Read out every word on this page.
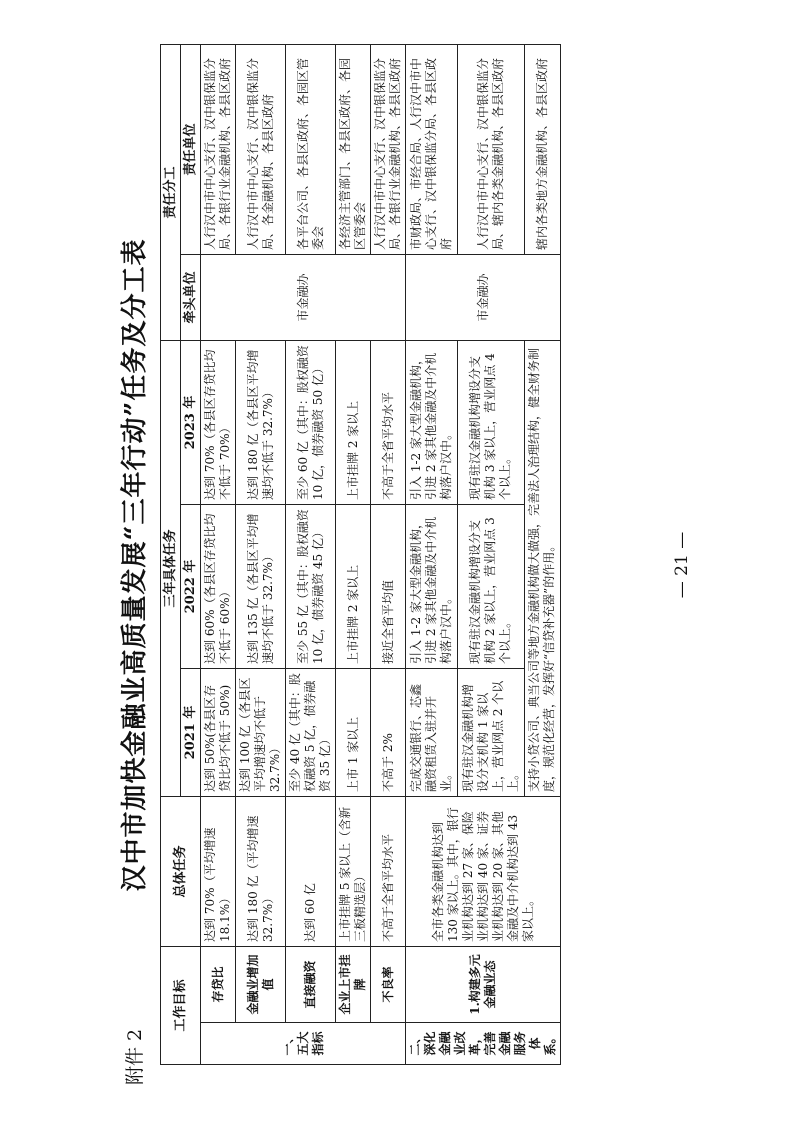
附件 2
汉中市加快金融业高质量发展“三年行动”任务及分工表
工作目标		总体任务	三年具体任务			责任分工	
			2021 年	2022 年	2023 年	牵头单位	责任单位
一、五大指标	存贷比	达到 70%（平均增速 18.1%）	达到 50%(各县区存贷比均不低于 50%)	达到 60%（各县区存贷比均不低于 60%）	达到 70%（各县区存贷比均不低于 70%）	市金融办	人行汉中市中心支行、汉中银保监分局、各银行业金融机构、各县区政府
	金融业增加值	达到 180 亿（平均增速 32.7%）	达到 100 亿（各县区平均增速均不低于 32.7%）	达到 135 亿（各县区平均增速均不低于 32.7%）	达到 180 亿（各县区平均增速均不低于 32.7%）		人行汉中市中心支行、汉中银保监分局、各金融机构、各县区政府
	直接融资	达到 60 亿	至少 40 亿（其中：股权融资 5 亿，债券融资 35 亿）	至少 55 亿（其中：股权融资 10 亿，债券融资 45 亿）	至少 60 亿（其中：股权融资 10 亿，债券融资 50 亿）		各平台公司、各县区政府、各园区管委会
	企业上市挂牌	上市挂牌 5 家以上（含新三板精选层）	上市 1 家以上	上市挂牌 2 家以上	上市挂牌 2 家以上		各经济主管部门、各县区政府、各园区管委会
	不良率	不高于全省平均水平	不高于 2%	接近全省平均值	不高于全省平均水平		人行汉中市中心支行、汉中银保监分局、各银行业金融机构、各县区政府
二、深化金融业改革，完善金融服务体系。	1.构建多元金融业态	全市各类金融机构达到 130 家以上。其中，银行业机构达到 27 家、保险业机构达到 40 家、证券业机构达到 20 家、其他金融及中介机构达到 43 家以上。	完成交通银行、芯鑫融资租赁入驻并开业。	引入 1-2 家大型金融机构，引进 2 家其他金融及中介机构落户汉中。	引入 1-2 家大型金融机构，引进 2 家其他金融及中介机构落户汉中。	市金融办	市财政局、市经合局、人行汉中市中心支行、汉中银保监分局、各县区政府
			现有驻汉金融机构增设分支机构 1 家以上，营业网点 2 个以上。	现有驻汉金融机构增设分支机构 2 家以上，营业网点 3 个以上。	现有驻汉金融机构增设分支机构 3 家以上，营业网点 4 个以上。		人行汉中市中心支行、汉中银保监分局、辖内各类金融机构、各县区政府
			支持小贷公司、典当公司等地方金融机构做大做强，完善法人治理结构，健全财务制度，规范化经营，发挥好“信贷补充器”的作用。				辖内各类地方金融机构、各县区政府
— 21 —
